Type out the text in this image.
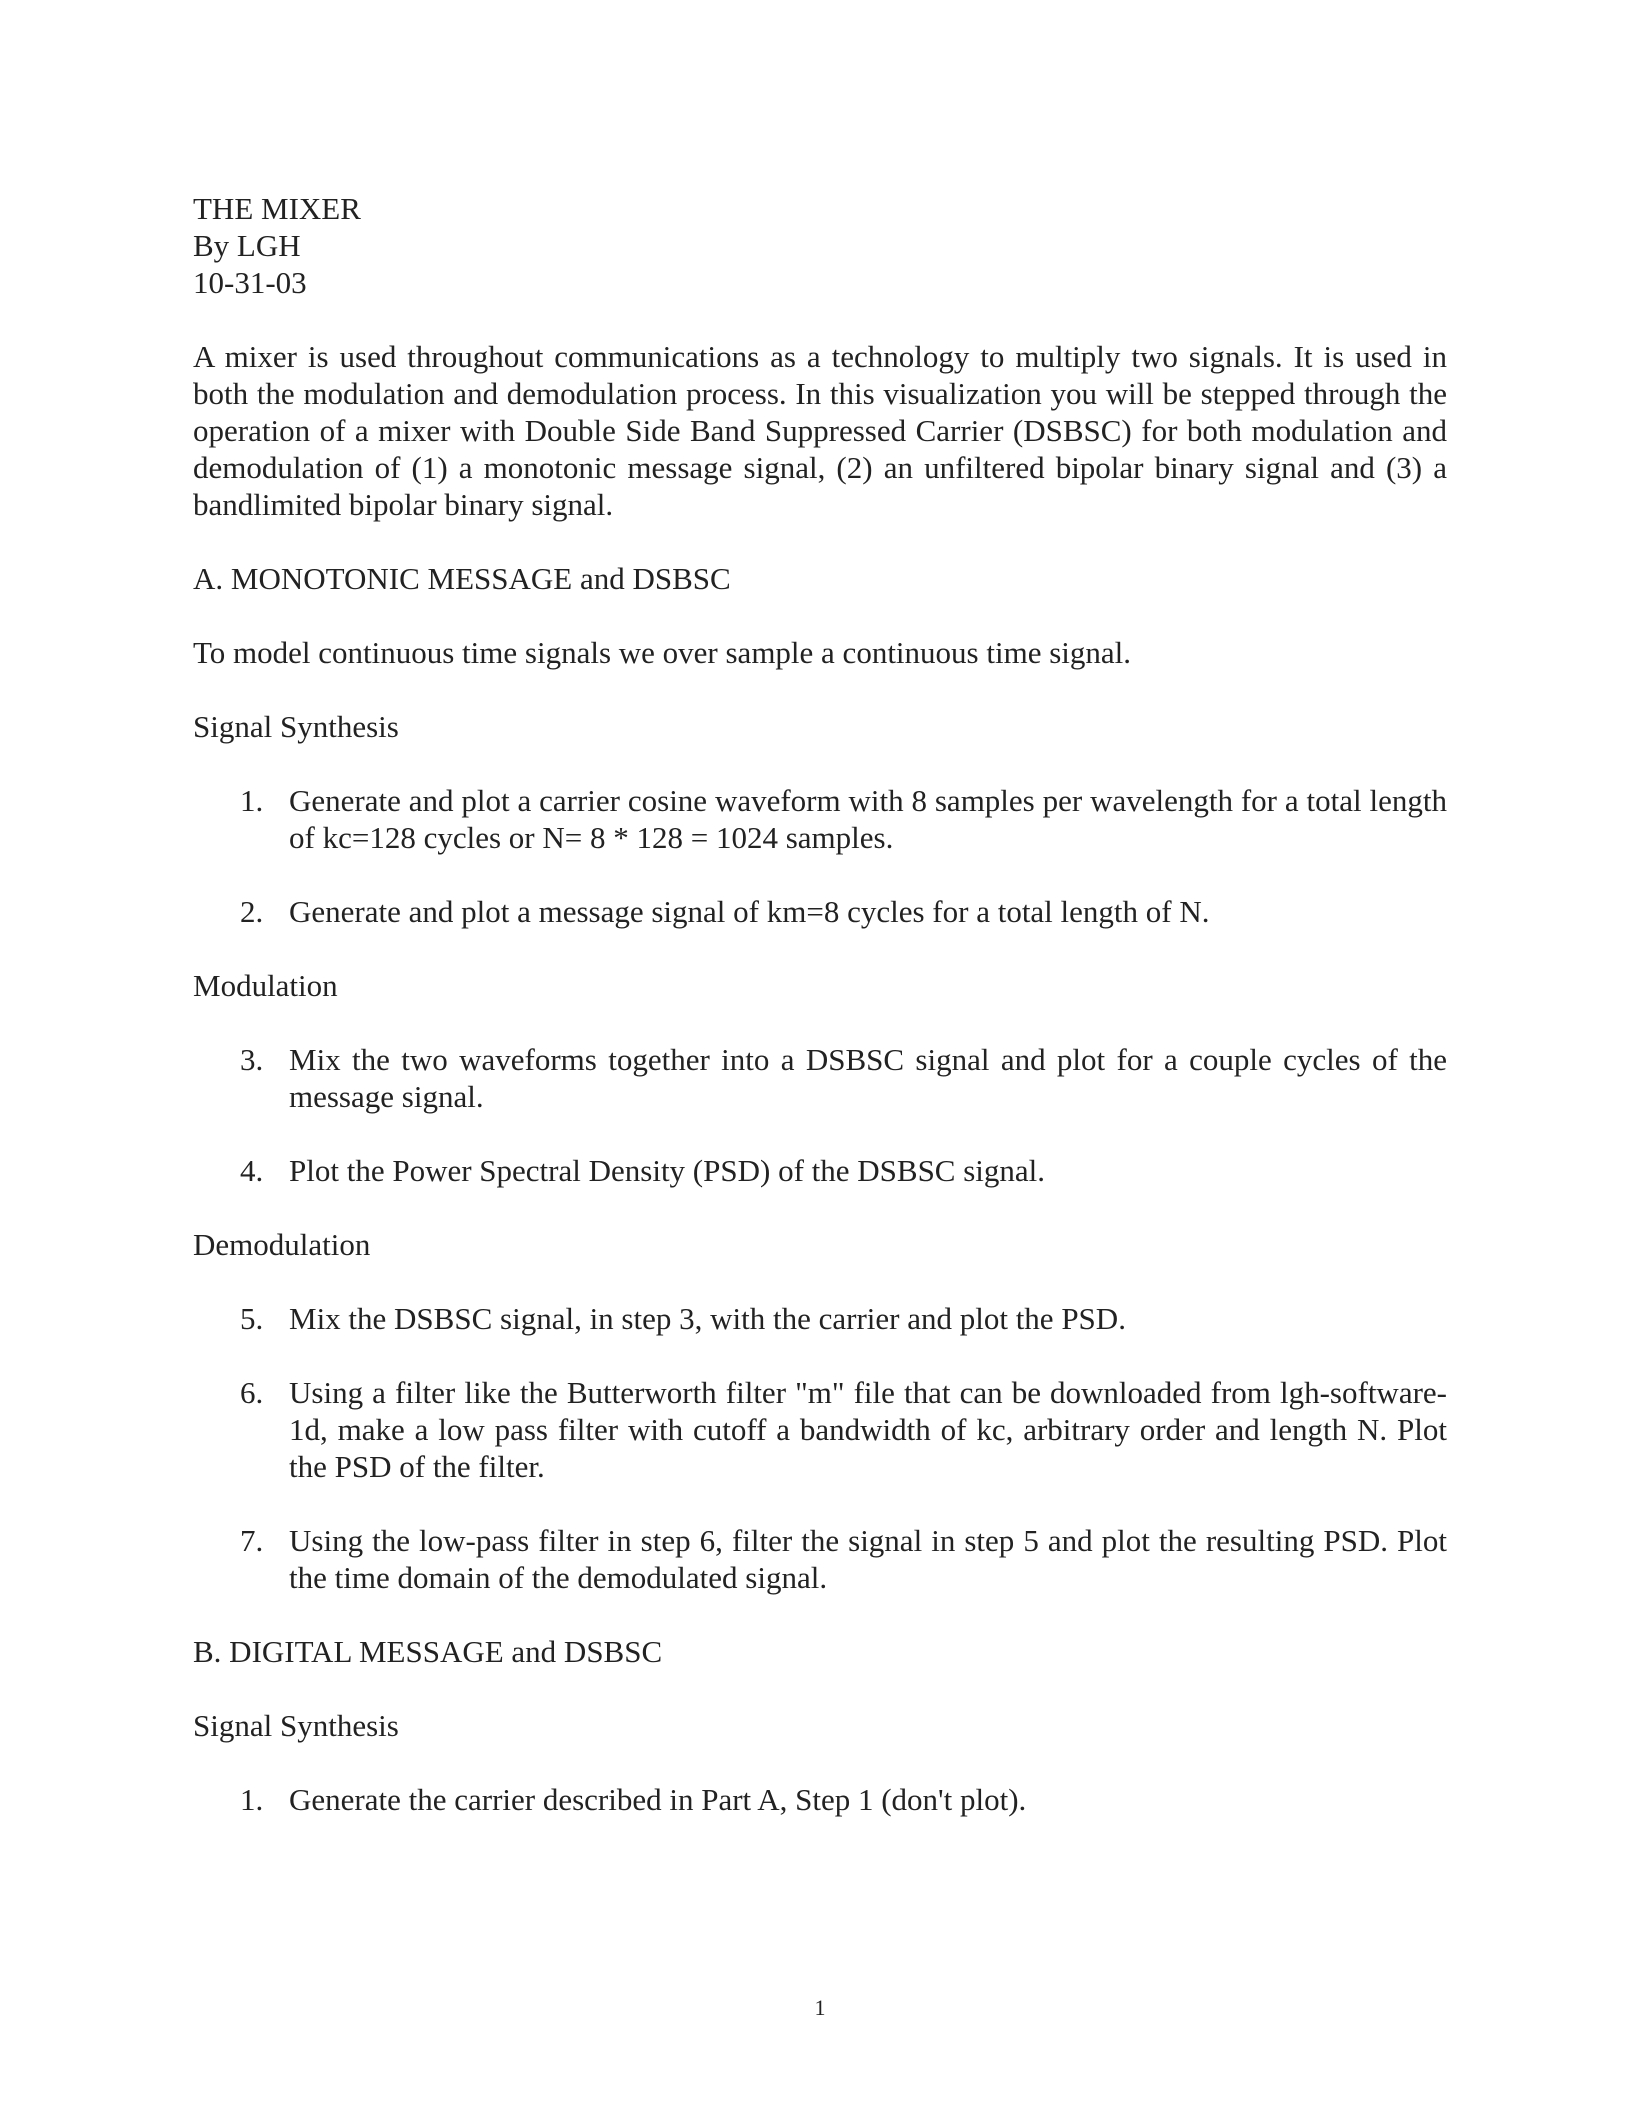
THE MIXER
By LGH
10-31-03

A mixer is used throughout communications as a technology to multiply two signals. It is used in both the modulation and demodulation process. In this visualization you will be stepped through the operation of a mixer with Double Side Band Suppressed Carrier (DSBSC) for both modulation and demodulation of (1) a monotonic message signal, (2) an unfiltered bipolar binary signal and (3) a bandlimited bipolar binary signal.

A. MONOTONIC MESSAGE and DSBSC

To model continuous time signals we over sample a continuous time signal.

Signal Synthesis

1. Generate and plot a carrier cosine waveform with 8 samples per wavelength for a total length of kc=128 cycles or N= 8 * 128 = 1024 samples.
2. Generate and plot a message signal of km=8 cycles for a total length of N.

Modulation

3. Mix the two waveforms together into a DSBSC signal and plot for a couple cycles of the message signal.
4. Plot the Power Spectral Density (PSD) of the DSBSC signal.

Demodulation

5. Mix the DSBSC signal, in step 3, with the carrier and plot the PSD.
6. Using a filter like the Butterworth filter "m" file that can be downloaded from lgh-software-1d, make a low pass filter with cutoff a bandwidth of kc, arbitrary order and length N. Plot the PSD of the filter.
7. Using the low-pass filter in step 6, filter the signal in step 5 and plot the resulting PSD. Plot the time domain of the demodulated signal.

B. DIGITAL MESSAGE and DSBSC

Signal Synthesis

1. Generate the carrier described in Part A, Step 1 (don't plot).
1
